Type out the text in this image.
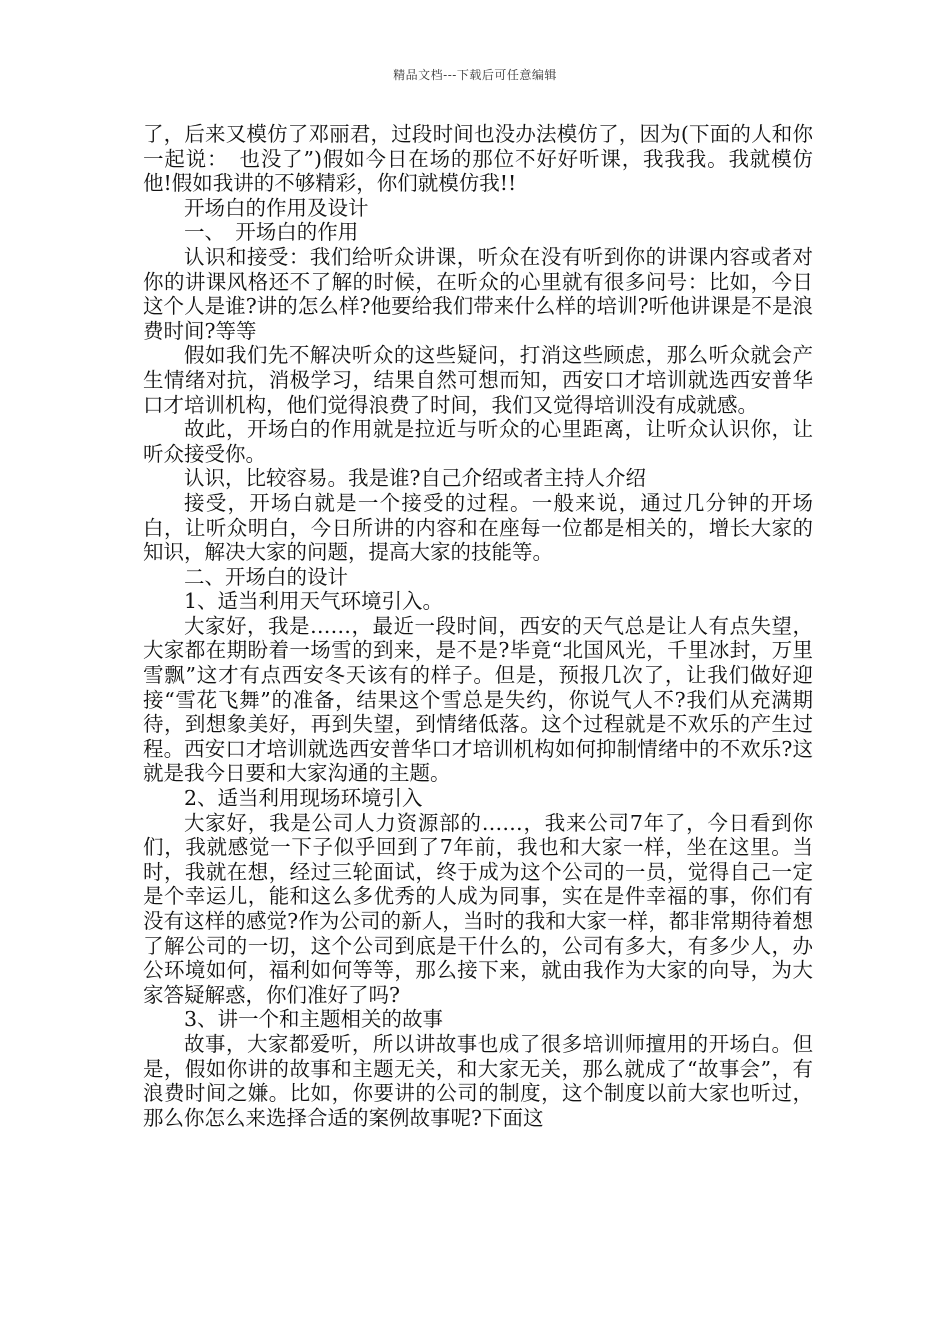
精品文档---下载后可任意编辑

了，后来又模仿了邓丽君，过段时间也没办法模仿了，因为(下面的人和你一起说：　也没了”)假如今日在场的那位不好好听课，我我我。我就模仿他!假如我讲的不够精彩，你们就模仿我!!

开场白的作用及设计

一、　开场白的作用

认识和接受：我们给听众讲课，听众在没有听到你的讲课内容或者对你的讲课风格还不了解的时候，在听众的心里就有很多问号：比如，今日这个人是谁?讲的怎么样?他要给我们带来什么样的培训?听他讲课是不是浪费时间?等等

假如我们先不解决听众的这些疑问，打消这些顾虑，那么听众就会产生情绪对抗，消极学习，结果自然可想而知，西安口才培训就选西安普华口才培训机构，他们觉得浪费了时间，我们又觉得培训没有成就感。

故此，开场白的作用就是拉近与听众的心里距离，让听众认识你，让听众接受你。

认识，比较容易。我是谁?自己介绍或者主持人介绍

接受，开场白就是一个接受的过程。一般来说，通过几分钟的开场白，让听众明白，今日所讲的内容和在座每一位都是相关的，增长大家的知识，解决大家的问题，提高大家的技能等。

二、开场白的设计

1、适当利用天气环境引入。

大家好，我是……，最近一段时间，西安的天气总是让人有点失望，大家都在期盼着一场雪的到来，是不是?毕竟“北国风光，千里冰封，万里雪飘”这才有点西安冬天该有的样子。但是，预报几次了，让我们做好迎接“雪花飞舞”的准备，结果这个雪总是失约，你说气人不?我们从充满期待，到想象美好，再到失望，到情绪低落。这个过程就是不欢乐的产生过程。西安口才培训就选西安普华口才培训机构如何抑制情绪中的不欢乐?这就是我今日要和大家沟通的主题。

2、适当利用现场环境引入

大家好，我是公司人力资源部的……，我来公司7年了，今日看到你们，我就感觉一下子似乎回到了7年前，我也和大家一样，坐在这里。当时，我就在想，经过三轮面试，终于成为这个公司的一员，觉得自己一定是个幸运儿，能和这么多优秀的人成为同事，实在是件幸福的事，你们有没有这样的感觉?作为公司的新人，当时的我和大家一样，都非常期待着想了解公司的一切，这个公司到底是干什么的，公司有多大，有多少人，办公环境如何，福利如何等等，那么接下来，就由我作为大家的向导，为大家答疑解惑，你们准好了吗?

3、讲一个和主题相关的故事

故事，大家都爱听，所以讲故事也成了很多培训师擅用的开场白。但是，假如你讲的故事和主题无关，和大家无关，那么就成了“故事会”，有浪费时间之嫌。比如，你要讲的公司的制度，这个制度以前大家也听过，那么你怎么来选择合适的案例故事呢?下面这
